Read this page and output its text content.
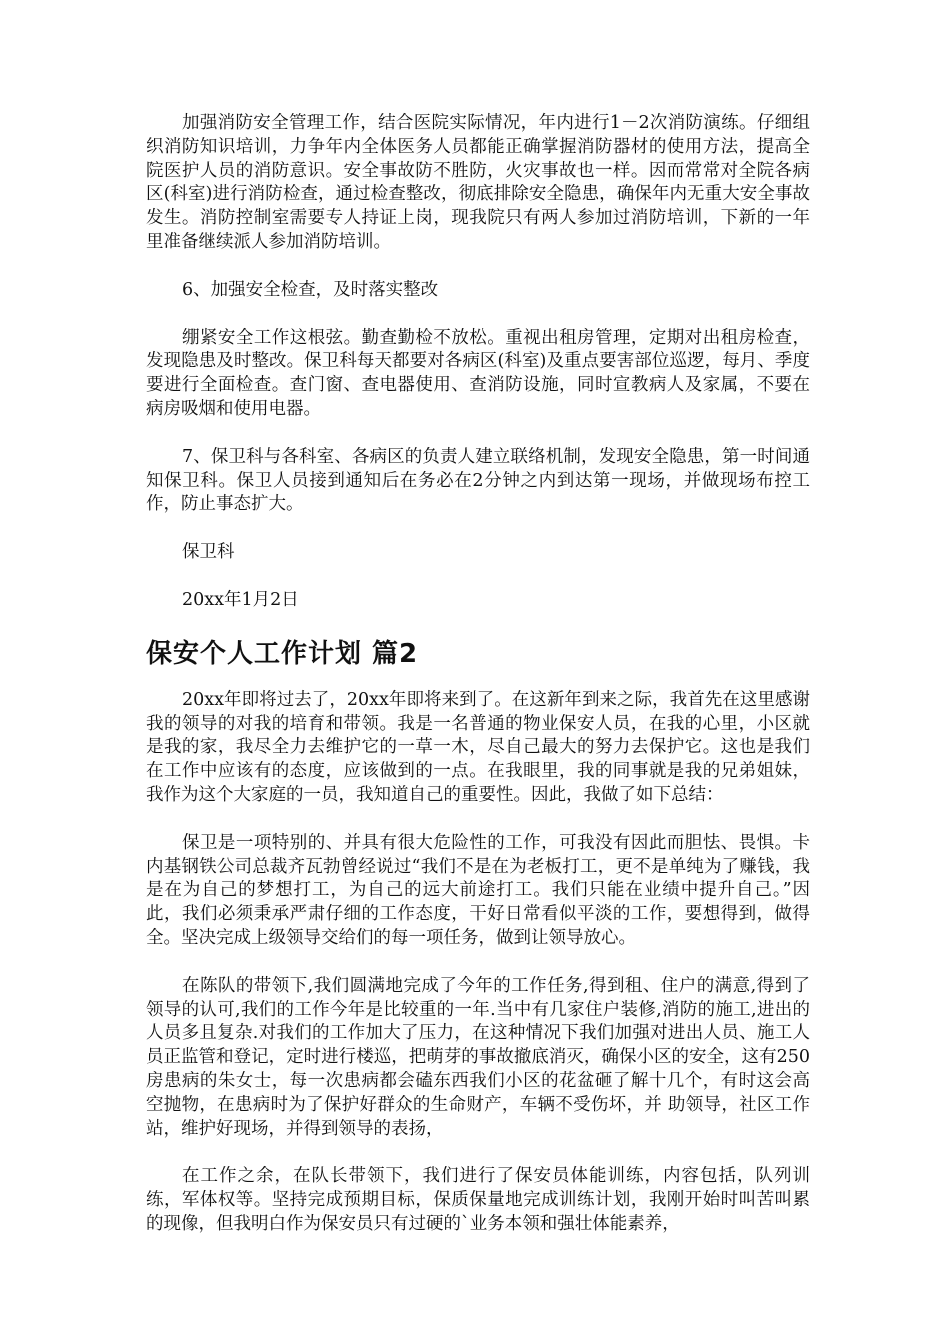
加强消防安全管理工作，结合医院实际情况，年内进行1－2次消防演练。仔细组织消防知识培训，力争年内全体医务人员都能正确掌握消防器材的使用方法，提高全院医护人员的消防意识。安全事故防不胜防，火灾事故也一样。因而常常对全院各病区(科室)进行消防检查，通过检查整改，彻底排除安全隐患，确保年内无重大安全事故发生。消防控制室需要专人持证上岗，现我院只有两人参加过消防培训，下新的一年里准备继续派人参加消防培训。

6、加强安全检查，及时落实整改

绷紧安全工作这根弦。勤查勤检不放松。重视出租房管理，定期对出租房检查，发现隐患及时整改。保卫科每天都要对各病区(科室)及重点要害部位巡逻，每月、季度要进行全面检查。查门窗、查电器使用、查消防设施，同时宣教病人及家属，不要在病房吸烟和使用电器。

7、保卫科与各科室、各病区的负责人建立联络机制，发现安全隐患，第一时间通知保卫科。保卫人员接到通知后在务必在2分钟之内到达第一现场，并做现场布控工作，防止事态扩大。

保卫科

20xx年1月2日

保安个人工作计划 篇2

20xx年即将过去了，20xx年即将来到了。在这新年到来之际，我首先在这里感谢我的领导的对我的培育和带领。我是一名普通的物业保安人员，在我的心里，小区就是我的家，我尽全力去维护它的一草一木，尽自己最大的努力去保护它。这也是我们在工作中应该有的态度，应该做到的一点。在我眼里，我的同事就是我的兄弟姐妹，我作为这个大家庭的一员，我知道自己的重要性。因此，我做了如下总结：

保卫是一项特别的、并具有很大危险性的工作，可我没有因此而胆怯、畏惧。卡内基钢铁公司总裁齐瓦勃曾经说过“我们不是在为老板打工，更不是单纯为了赚钱，我是在为自己的梦想打工，为自己的远大前途打工。我们只能在业绩中提升自己。”因此，我们必须秉承严肃仔细的工作态度，干好日常看似平淡的工作，要想得到，做得全。坚决完成上级领导交给们的每一项任务，做到让领导放心。

在陈队的带领下,我们圆满地完成了今年的工作任务,得到租、住户的满意,得到了领导的认可,我们的工作今年是比较重的一年.当中有几家住户装修,消防的施工,进出的人员多且复杂.对我们的工作加大了压力，在这种情况下我们加强对进出人员、施工人员正监管和登记，定时进行楼巡，把萌芽的事故撤底消灭，确保小区的安全，这有250房患病的朱女士，每一次患病都会磕东西我们小区的花盆砸了解十几个，有时这会高空抛物，在患病时为了保护好群众的生命财产，车辆不受伤坏，并 助领导，社区工作站，维护好现场，并得到领导的表扬，

在工作之余，在队长带领下，我们进行了保安员体能训练，内容包括，队列训练，军体权等。坚持完成预期目标，保质保量地完成训练计划，我刚开始时叫苦叫累的现像，但我明白作为保安员只有过硬的`业务本领和强壮体能素养，
